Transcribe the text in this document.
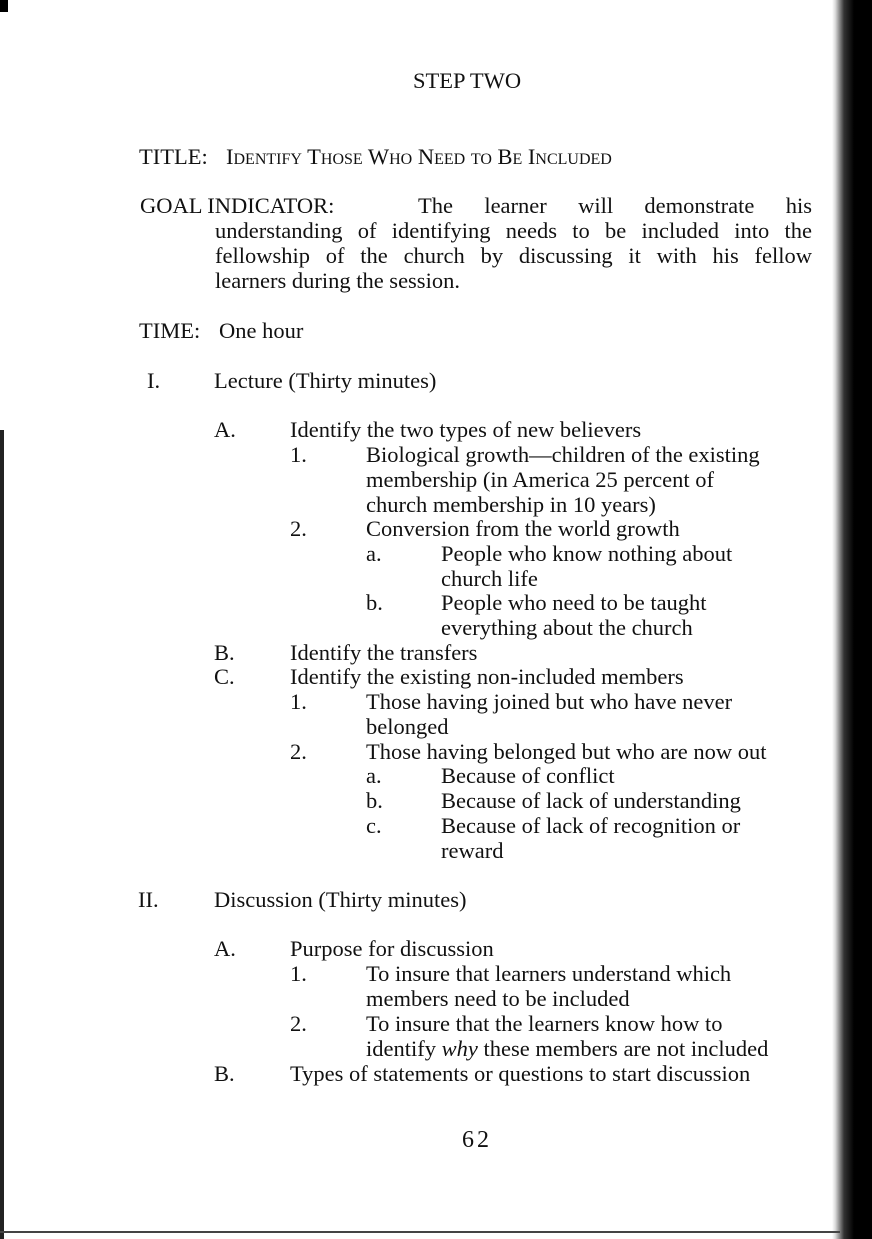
STEP TWO
TITLE: Identify Those Who Need to Be Included
GOAL INDICATOR:	The learner will demonstrate his
understanding of identifying needs to be included into the
fellowship of the church by discussing it with his fellow
learners during the session.
TIME: One hour
I. Lecture (Thirty minutes)
A. Identify the two types of new believers
1.	Biological growth—children of the existing
membership (in America 25 percent of
church membership in 10 years)
2.	Conversion from the world growth
a.	People who know nothing about
church life
b.	People who need to be taught
everything about the church
B. Identify the transfers
C. Identify the existing non-included members
1.	Those having joined but who have never
belonged
2.	Those having belonged but who are now out
a.	Because of conflict
b.	Because of lack of understanding
c.	Because of lack of recognition or
reward
II. Discussion (Thirty minutes)
A. Purpose for discussion
1.	To insure that learners understand which
members need to be included
2.	To insure that the learners know how to
identify why these members are not included
B. Types of statements or questions to start discussion
62
